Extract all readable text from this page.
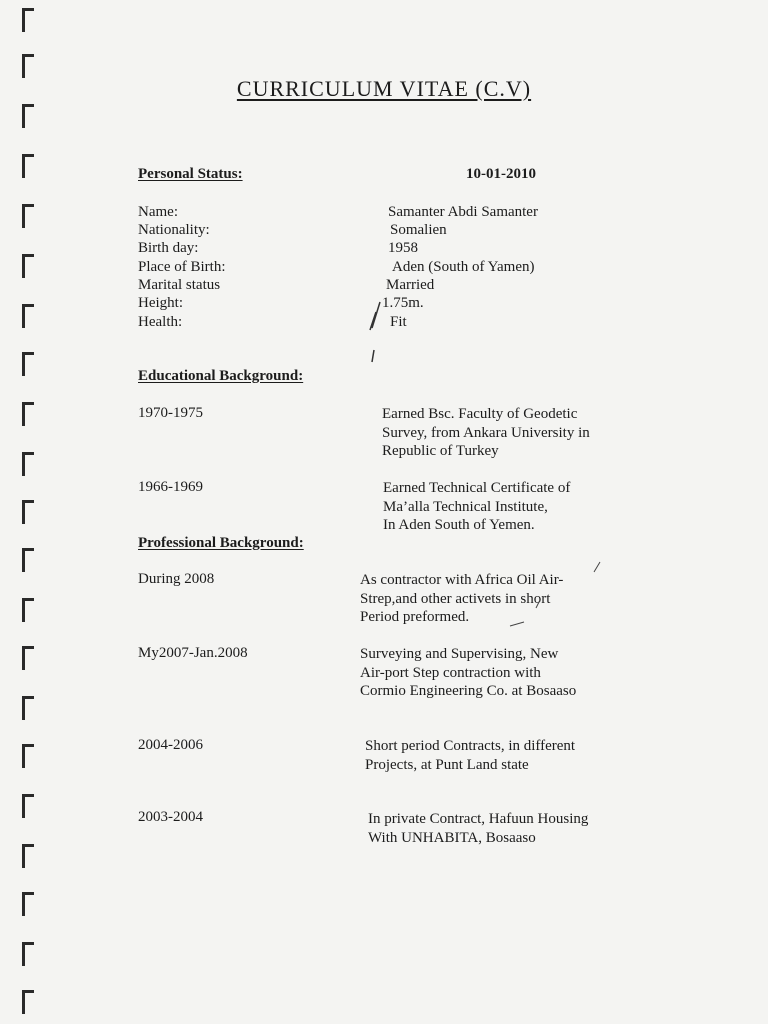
CURRICULUM VITAE (C.V)
Personal Status:	10-01-2010
Name:	Samanter Abdi Samanter
Nationality:	Somalien
Birth day:	1958
Place of Birth:	Aden (South of Yamen)
Marital status	Married
Height:	1.75m.
Health:	Fit
Educational Background:
1970-1975	Earned Bsc. Faculty of Geodetic
Survey, from Ankara University in
Republic of Turkey
1966-1969	Earned Technical Certificate of
Ma’alla Technical Institute,
In Aden South of Yemen.
Professional Background:
During 2008	As contractor with Africa Oil Air-
Strep,and other activets in short
Period preformed.
My2007-Jan.2008	Surveying and Supervising, New
Air-port Step contraction with
Cormio Engineering Co. at Bosaaso
2004-2006	Short period Contracts, in different
Projects, at Punt Land state
2003-2004	In private Contract, Hafuun Housing
With UNHABITA, Bosaaso
